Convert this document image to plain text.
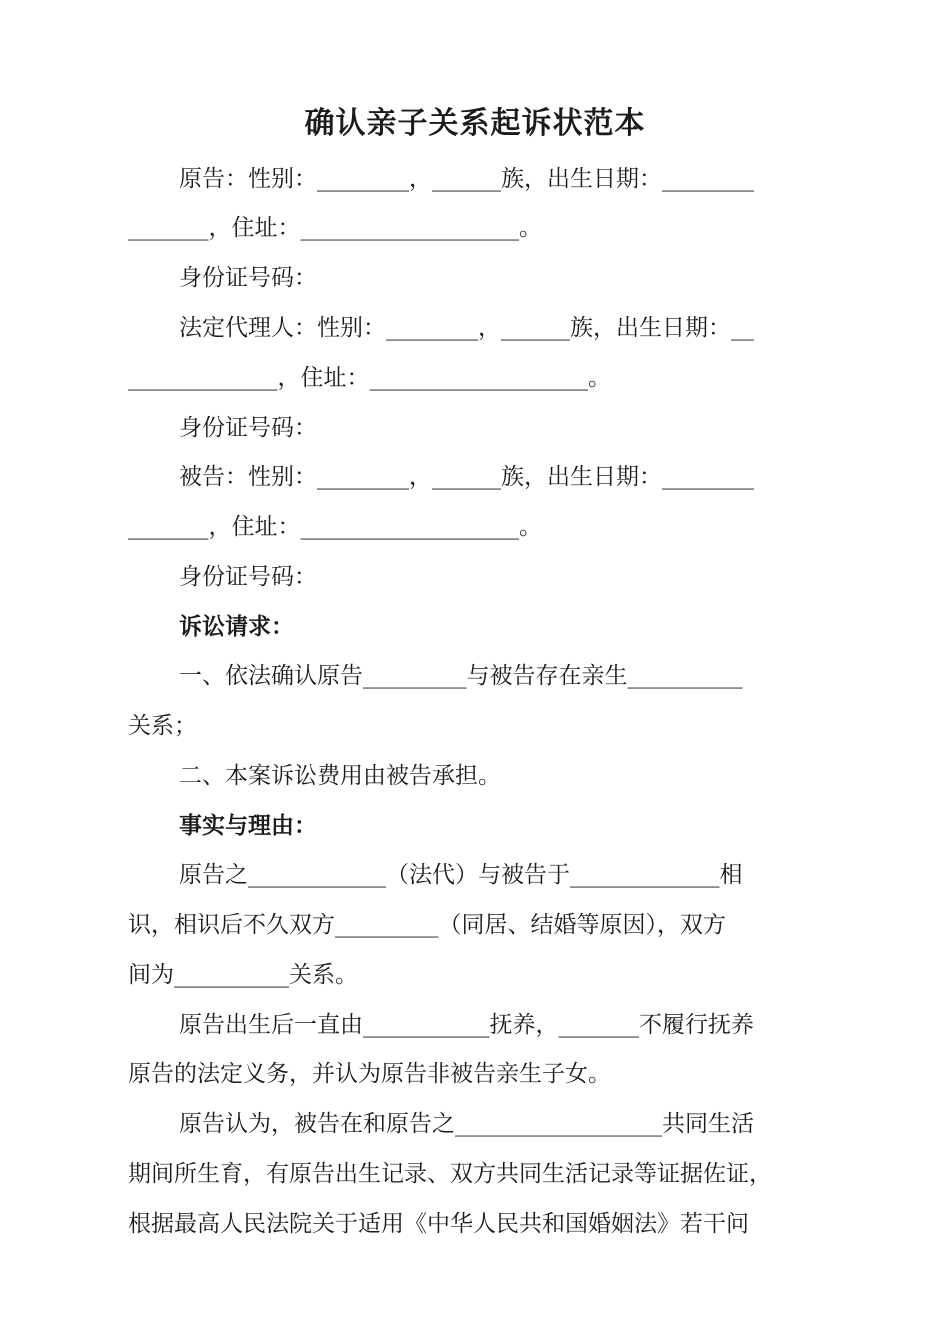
确认亲子关系起诉状范本
原告：性别：________，______族，出生日期：________
_______，住址：___________________。
身份证号码：
法定代理人：性别：________，______族，出生日期：__
_____________，住址：___________________。
身份证号码：
被告：性别：________，______族，出生日期：________
_______，住址：___________________。
身份证号码：
诉讼请求：
一、依法确认原告_________与被告存在亲生__________
关系；
二、本案诉讼费用由被告承担。
事实与理由：
原告之____________（法代）与被告于_____________相
识，相识后不久双方_________（同居、结婚等原因），双方
间为__________关系。
原告出生后一直由___________抚养，_______不履行抚养
原告的法定义务，并认为原告非被告亲生子女。
原告认为，被告在和原告之__________________共同生活
期间所生育，有原告出生记录、双方共同生活记录等证据佐证，
根据最高人民法院关于适用《中华人民共和国婚姻法》若干问
